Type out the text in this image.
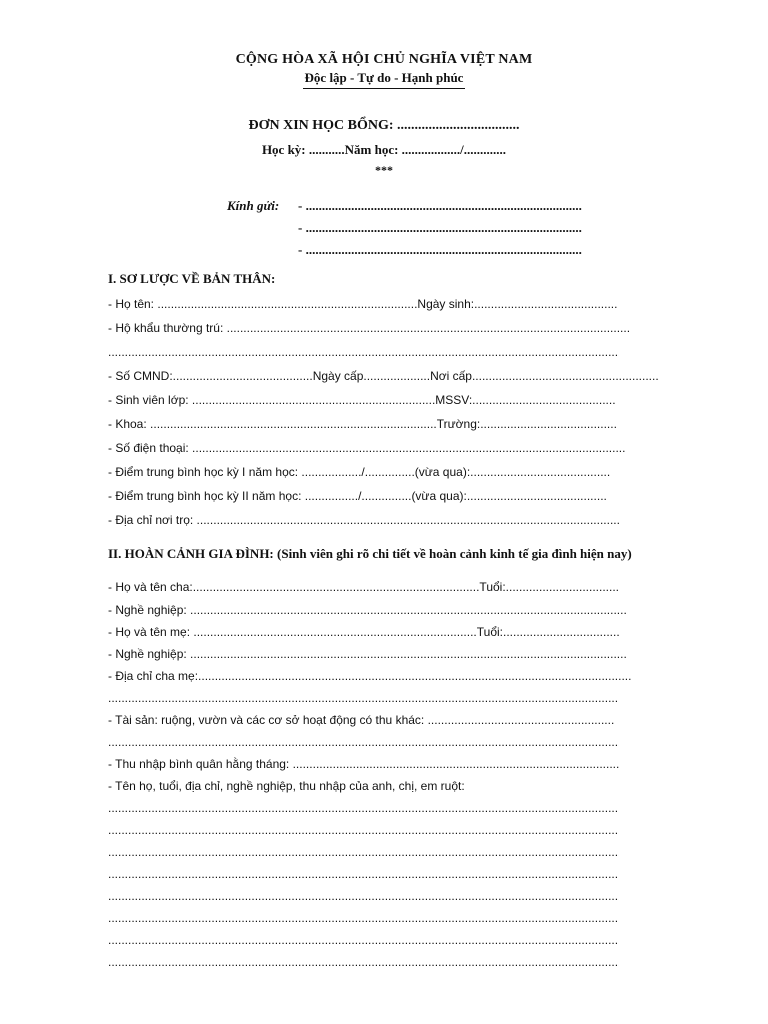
CỘNG HÒA XÃ HỘI CHỦ NGHĨA VIỆT NAM
Độc lập - Tự do - Hạnh phúc
ĐƠN XIN HỌC BỔNG: ...................................
Học kỳ: ...........Năm học: ................../.............
***
Kính gửi: - .....................................................................................
- .....................................................................................
- .....................................................................................
I. SƠ LƯỢC VỀ BẢN THÂN:
- Họ tên: ..............................................................................Ngày sinh:...........................................
- Hộ khẩu thường trú: .........................................................................................................................
.........................................................................................................................................................
- Số CMND:..........................................Ngày cấp....................Nơi cấp........................................................
- Sinh viên lớp: .........................................................................MSSV:...........................................
- Khoa: ......................................................................................Trường:.........................................
- Số điện thoại: ..................................................................................................................................
- Điểm trung bình học kỳ I năm học: ................../...............(vừa qua):..........................................
- Điểm trung bình học kỳ II năm học: ................/...............(vừa qua):..........................................
- Địa chỉ nơi trọ: ...............................................................................................................................
II. HOÀN CẢNH GIA ĐÌNH: (Sinh viên ghi rõ chi tiết về hoàn cảnh kinh tế gia đình hiện nay)
- Họ và tên cha:......................................................................................Tuổi:..................................
- Nghề nghiệp: ...................................................................................................................................
- Họ và tên mẹ: .....................................................................................Tuổi:...................................
- Nghề nghiệp: ...................................................................................................................................
- Địa chỉ cha mẹ:..................................................................................................................................
.........................................................................................................................................................
- Tài sản: ruộng, vườn và các cơ sở hoạt động có thu khác: ........................................................
.........................................................................................................................................................
- Thu nhập bình quân hằng tháng: ..................................................................................................
- Tên họ, tuổi, địa chỉ, nghề nghiệp, thu nhập của anh, chị, em ruột:
.........................................................................................................................................................
.........................................................................................................................................................
.........................................................................................................................................................
.........................................................................................................................................................
.........................................................................................................................................................
.........................................................................................................................................................
.........................................................................................................................................................
.........................................................................................................................................................
